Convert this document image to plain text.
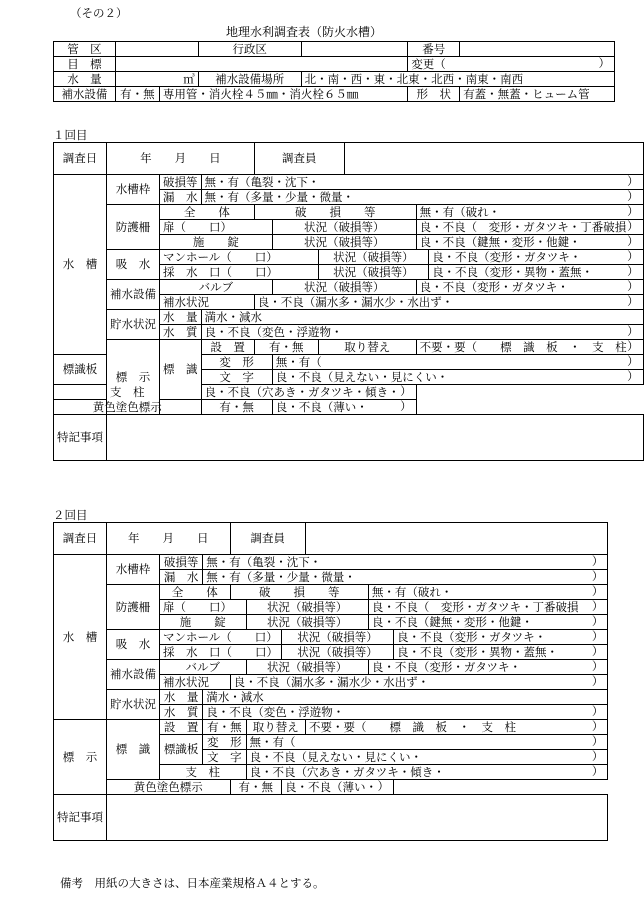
（その２）
地理水利調査表（防火水槽）
管　区			行政区		番号	
目　標					変更（ ）	

水　量	㎥		補水設備場所	北・南・西・東・北東・北西・南東・南西		
補水設備	有・無	専用管・消火栓４５㎜・消火栓６５㎜			形　状	有蓋・無蓋・ヒューム管
１回目
調査日	年　　月　　日			調査員					
水　槽	水槽枠	破損等	無・有（亀裂・沈下・ ）						

		漏　水	無・有（多量・少量・微量・ ）						

	防護柵	全　　体		破　　損　　等				無・有（破れ・ ）	

		扉（　　口）			状況（破損等）			良・不良（　変形・ガタツキ・丁番破損 ）	

		施　　錠			状況（破損等）			良・不良（鍵無・変形・他鍵・ ）	

	吸　水	マンホール（　　口）				状況（破損等）			良・不良（変形・ガタツキ・ ）

		採　水　口（　　口）				状況（破損等）			良・不良（変形・異物・蓋無・ ）

	補水設備	バルブ			状況（破損等）			良・不良（変形・ガタツキ・ ）	

		補水状況		良・不良（漏水多・漏水少・水出ず・ ）					

	貯水状況	水　量	満水・減水						
		水　質	良・不良（変色・浮遊物・ ）						

	標　示	標　識	設　置	有・無		取り替え		不要・要（　　標　識　板　・　支　柱 ）	

標識板			変　形		無・有（ ）				

			文　字		良・不良（見えない・見にくい・ ）				

支　柱			良・不良（穴あき・ガタツキ・傾き・ ）						

黄色塗色標示			有・無		良・不良（薄い・ ）				

特記事項									
２回目
調査日	年　　月　　日			調査員					
水　槽	水槽枠	破損等	無・有（亀裂・沈下・ ）						

		漏　水	無・有（多量・少量・微量・ ）						

	防護柵	全　　体		破　　損　　等				無・有（破れ・ ）	

		扉（　　口）			状況（破損等）			良・不良（　変形・ガタツキ・丁番破損 ）	

		施　　錠			状況（破損等）			良・不良（鍵無・変形・他鍵・ ）	

	吸　水	マンホール（　　口）				状況（破損等）			良・不良（変形・ガタツキ・ ）

		採　水　口（　　口）				状況（破損等）			良・不良（変形・異物・蓋無・ ）

	補水設備	バルブ			状況（破損等）			良・不良（変形・ガタツキ・ ）	

		補水状況		良・不良（漏水多・漏水少・水出ず・ ）					

	貯水状況	水　量	満水・減水						
		水　質	良・不良（変色・浮遊物・ ）						

標　示	標　識	設　置	有・無		取り替え		不要・要（　　標　識　板　・　支　柱 ）		

		標識板	変　形		無・有（ ）				

			文　字		良・不良（見えない・見にくい・ ）				

		支　柱			良・不良（穴あき・ガタツキ・傾き・ ）				

	黄色塗色標示			有・無		良・不良（薄い・ ）			

特記事項									
備考　用紙の大きさは、日本産業規格Ａ４とする。
